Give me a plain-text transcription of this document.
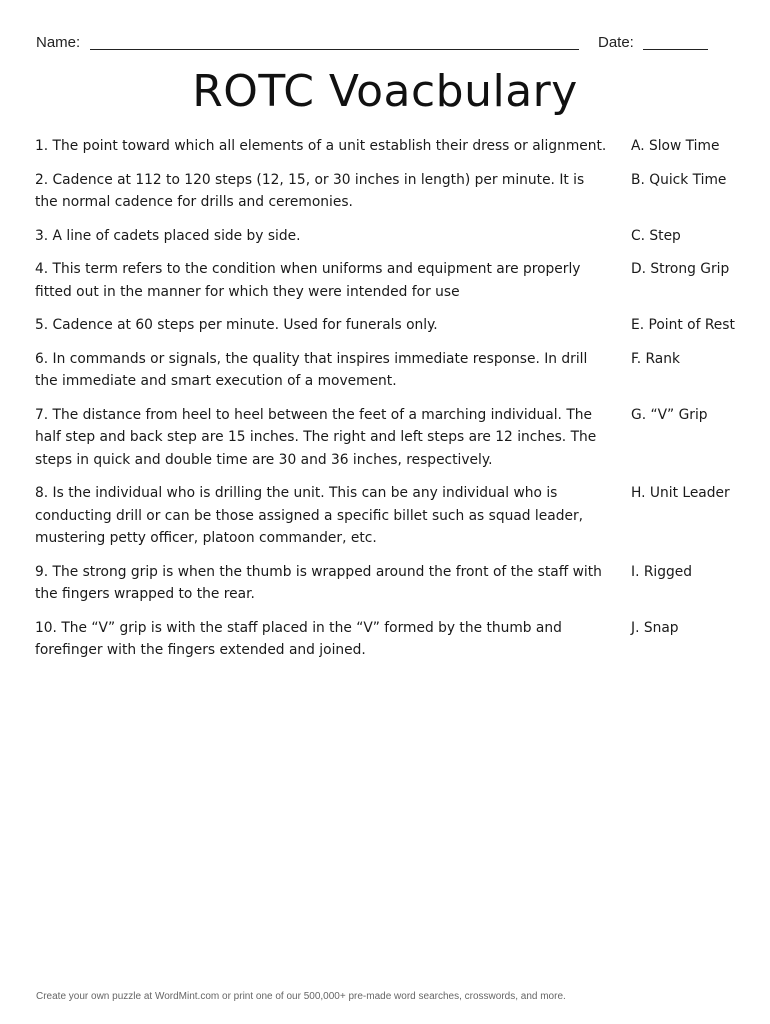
Name:	Date:
ROTC Voacbulary
1. The point toward which all elements of a unit establish their dress or alignment. A. Slow Time
2. Cadence at 112 to 120 steps (12, 15, or 30 inches in length) per minute. It is the normal cadence for drills and ceremonies.
B. Quick Time
3. A line of cadets placed side by side.	C. Step
4. This term refers to the condition when uniforms and equipment are properly fitted out in the manner for which they were intended for use
D. Strong Grip
5. Cadence at 60 steps per minute. Used for funerals only.	E. Point of Rest
6. In commands or signals, the quality that inspires immediate response. In drill the immediate and smart execution of a movement.
F. Rank
7. The distance from heel to heel between the feet of a marching individual. The half step and back step are 15 inches. The right and left steps are 12 inches. The steps in quick and double time are 30 and 36 inches, respectively.
G. “V” Grip
8. Is the individual who is drilling the unit. This can be any individual who is conducting drill or can be those assigned a specific billet such as squad leader, mustering petty officer, platoon commander, etc.
H. Unit Leader
9. The strong grip is when the thumb is wrapped around the front of the staff with the fingers wrapped to the rear.
I. Rigged
10. The “V” grip is with the staff placed in the “V” formed by the thumb and forefinger with the fingers extended and joined.
J. Snap
Create your own puzzle at WordMint.com or print one of our 500,000+ pre-made word searches, crosswords, and more.
